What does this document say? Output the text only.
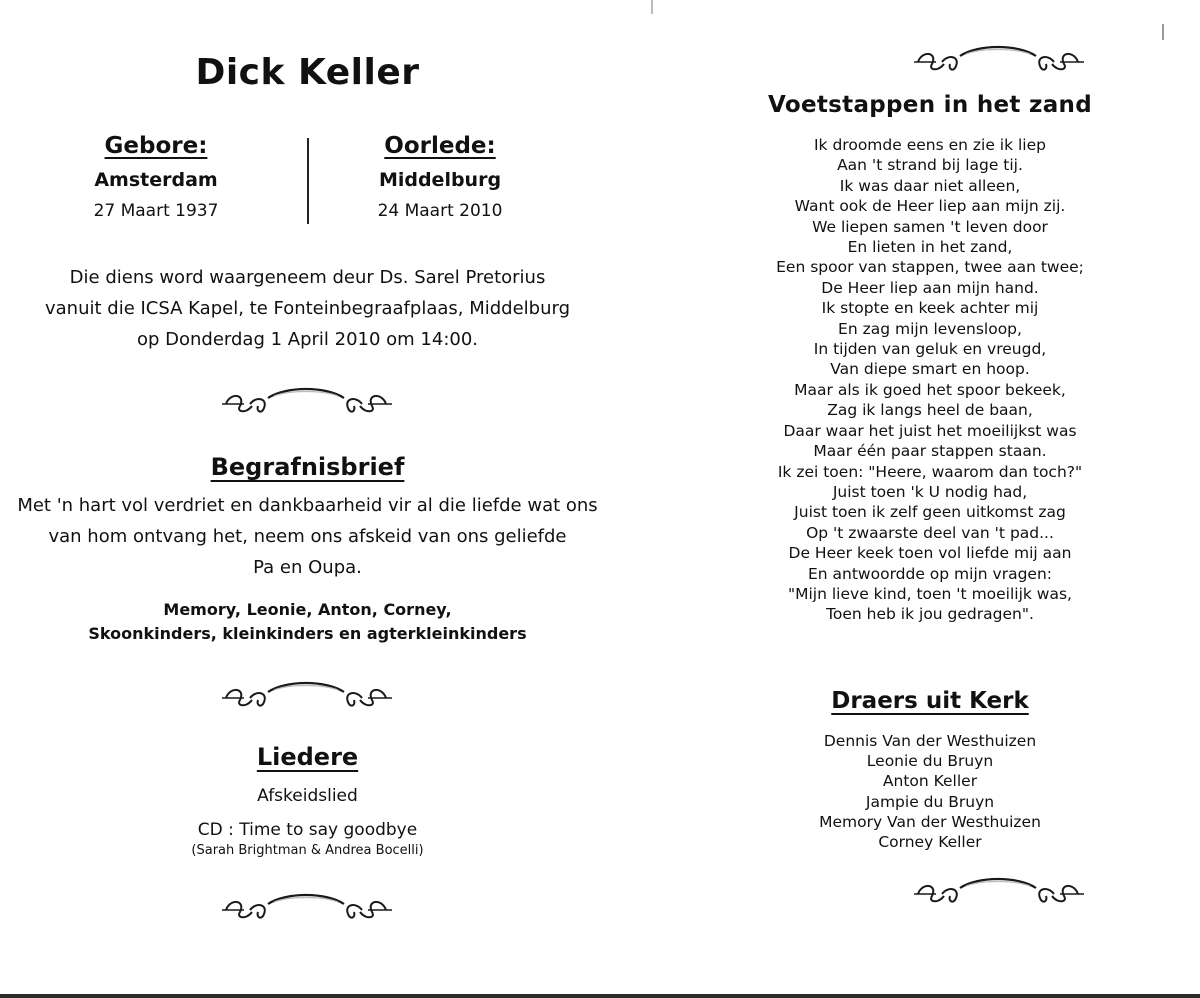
Dick Keller
Gebore:
Amsterdam
27 Maart 1937
Oorlede:
Middelburg
24 Maart 2010
Die diens word waargeneem deur Ds. Sarel Pretorius
vanuit die ICSA Kapel, te Fonteinbegraafplaas, Middelburg
op Donderdag 1 April 2010 om 14:00.
Begrafnisbrief
Met 'n hart vol verdriet en dankbaarheid vir al die liefde wat ons
van hom ontvang het, neem ons afskeid van ons geliefde
Pa en Oupa.
Memory, Leonie, Anton, Corney,
Skoonkinders, kleinkinders en agterkleinkinders
Liedere
Afskeidslied
CD : Time to say goodbye
(Sarah Brightman & Andrea Bocelli)
Voetstappen in het zand
Ik droomde eens en zie ik liep
Aan 't strand bij lage tij.
Ik was daar niet alleen,
Want ook de Heer liep aan mijn zij.
We liepen samen 't leven door
En lieten in het zand,
Een spoor van stappen, twee aan twee;
De Heer liep aan mijn hand.
Ik stopte en keek achter mij
En zag mijn levensloop,
In tijden van geluk en vreugd,
Van diepe smart en hoop.
Maar als ik goed het spoor bekeek,
Zag ik langs heel de baan,
Daar waar het juist het moeilijkst was
Maar één paar stappen staan.
Ik zei toen: "Heere, waarom dan toch?"
Juist toen 'k U nodig had,
Juist toen ik zelf geen uitkomst zag
Op 't zwaarste deel van 't pad...
De Heer keek toen vol liefde mij aan
En antwoordde op mijn vragen:
"Mijn lieve kind, toen 't moeilijk was,
Toen heb ik jou gedragen".
Draers uit Kerk
Dennis Van der Westhuizen
Leonie du Bruyn
Anton Keller
Jampie du Bruyn
Memory Van der Westhuizen
Corney Keller
